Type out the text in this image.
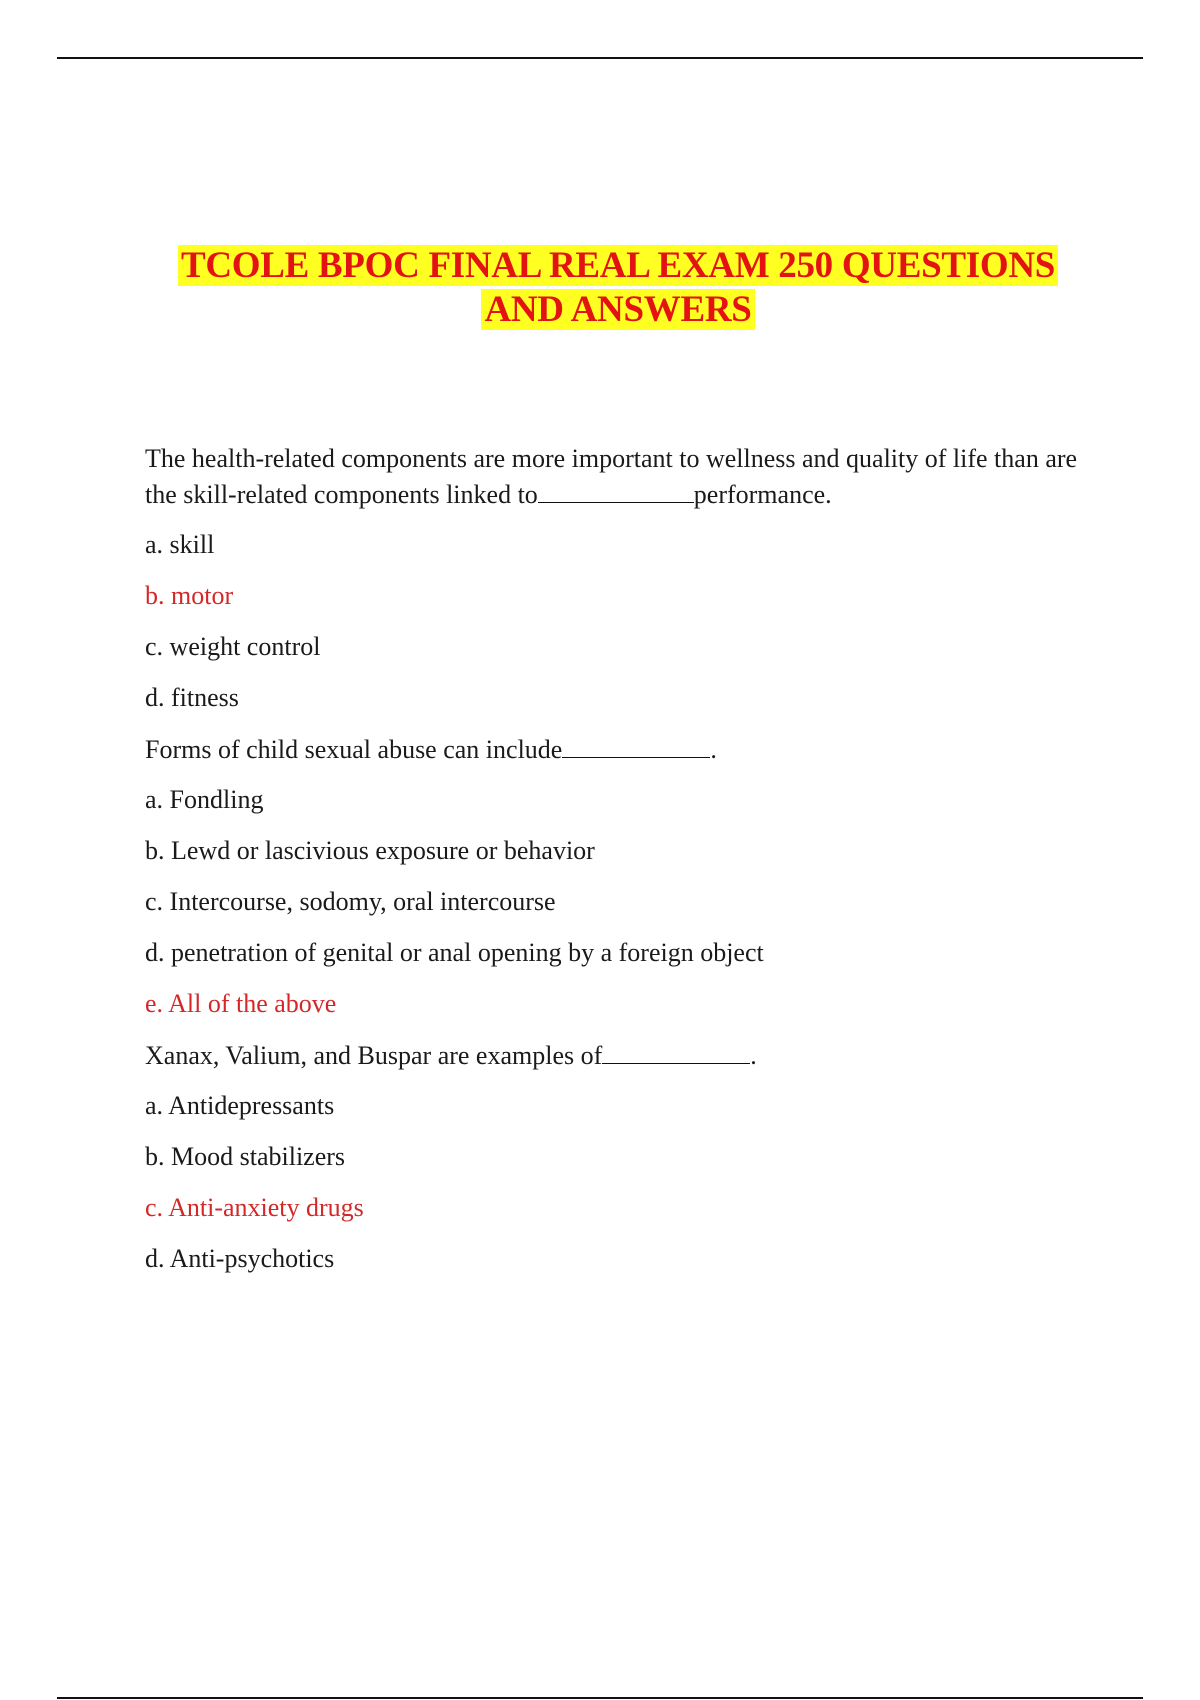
TCOLE BPOC FINAL REAL EXAM 250 QUESTIONS
AND ANSWERS
The health-related components are more important to wellness and quality of life than are the skill-related components linked to	performance.
a. skill
b. motor
c. weight control
d. fitness
Forms of child sexual abuse can include	.
a. Fondling
b. Lewd or lascivious exposure or behavior
c. Intercourse, sodomy, oral intercourse
d. penetration of genital or anal opening by a foreign object
e. All of the above
Xanax, Valium, and Buspar are examples of	.
a. Antidepressants
b. Mood stabilizers
c. Anti-anxiety drugs
d. Anti-psychotics
